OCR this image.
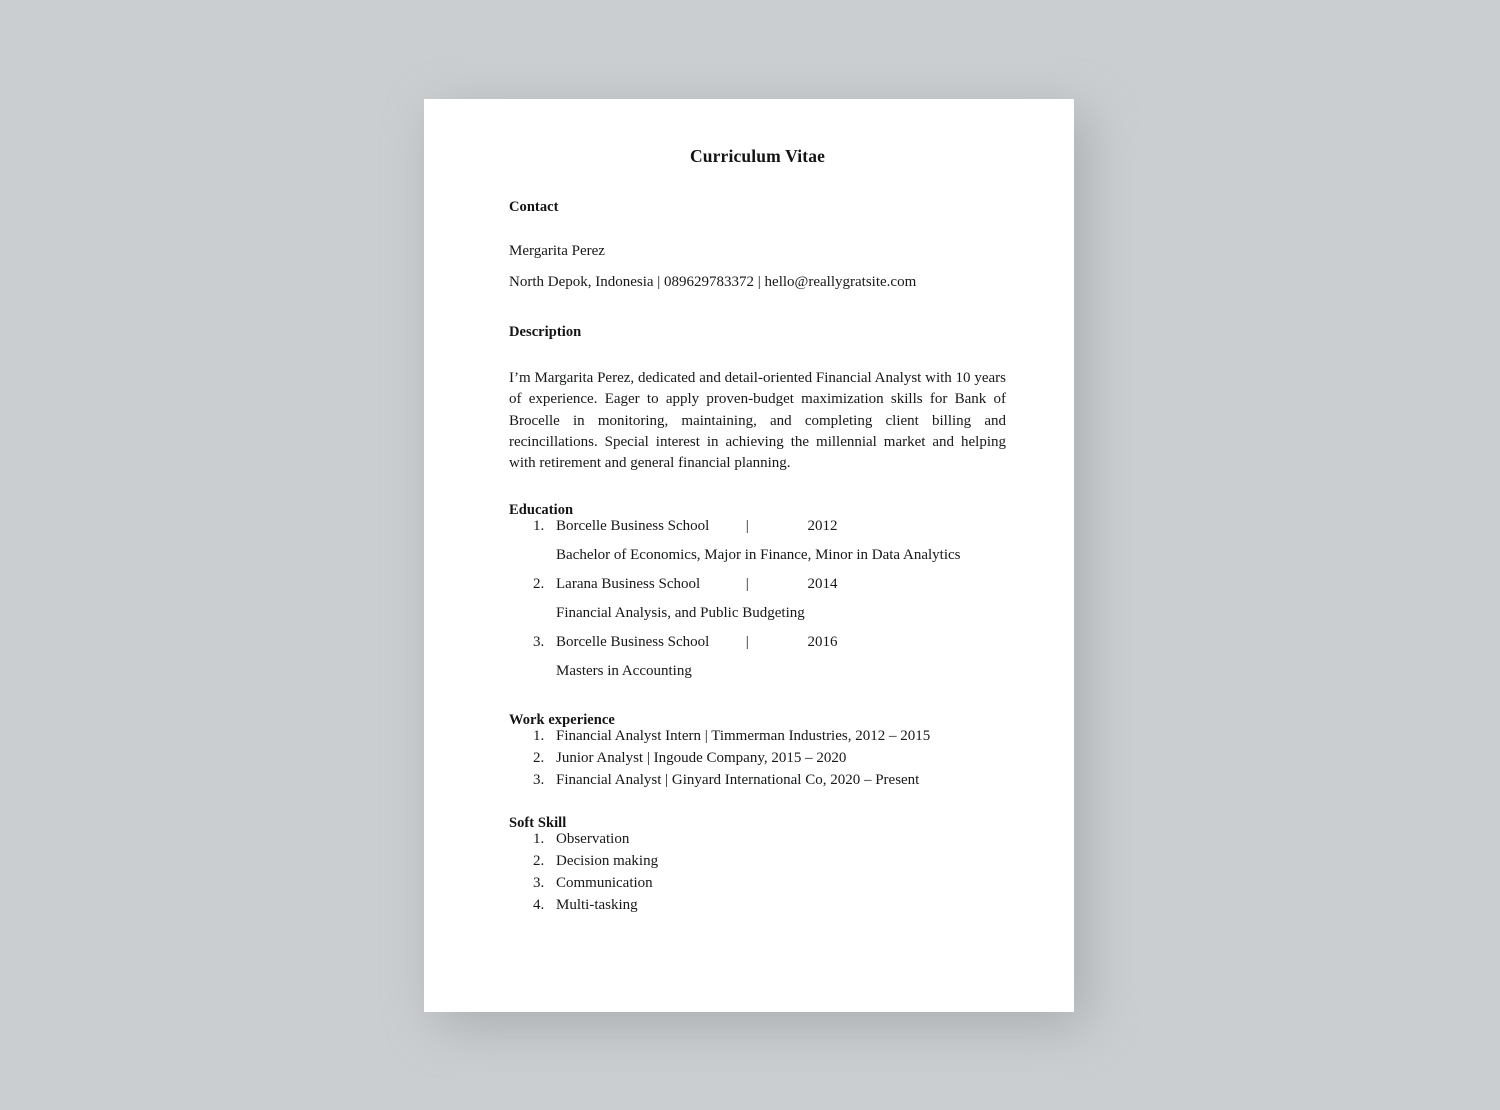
Curriculum Vitae
Contact
Mergarita Perez
North Depok, Indonesia | 089629783372 | hello@reallygratsite.com
Description

I’m Margarita Perez, dedicated and detail-oriented Financial Analyst with 10 years of experience. Eager to apply proven-budget maximization skills for Bank of Brocelle in monitoring, maintaining, and completing client billing and recincillations. Special interest in achieving the millennial market and helping with retirement and general financial planning.

Education
1. Borcelle Business School |	2012
Bachelor of Economics, Major in Finance, Minor in Data Analytics
2. Larana Business School	|	2014
Financial Analysis, and Public Budgeting
3. Borcelle Business School |	2016
Masters in Accounting
Work experience
1. Financial Analyst Intern | Timmerman Industries, 2012 – 2015
2. Junior Analyst | Ingoude Company, 2015 – 2020
3. Financial Analyst | Ginyard International Co, 2020 – Present
Soft Skill
1. Observation
2. Decision making
3. Communication
4. Multi-tasking
